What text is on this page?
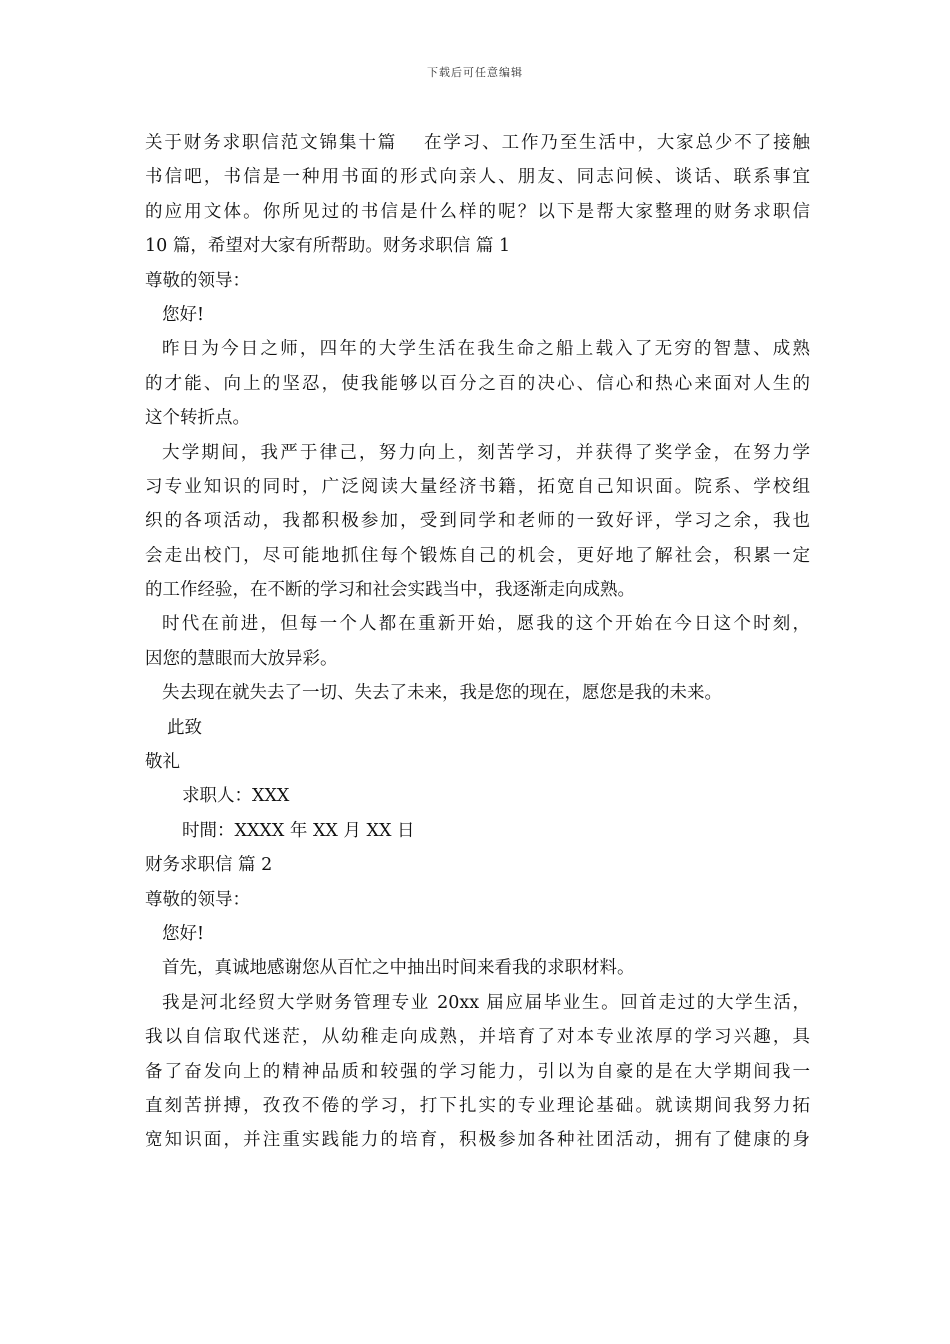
下载后可任意编辑
关于财务求职信范文锦集十篇　 在学习、工作乃至生活中，大家总少不了接触
书信吧，书信是一种用书面的形式向亲人、朋友、同志问候、谈话、联系事宜
的应用文体。你所见过的书信是什么样的呢？以下是帮大家整理的财务求职信
10 篇，希望对大家有所帮助。财务求职信 篇 1
尊敬的领导：
您好!
昨日为今日之师，四年的大学生活在我生命之船上载入了无穷的智慧、成熟
的才能、向上的坚忍，使我能够以百分之百的决心、信心和热心来面对人生的
这个转折点。
大学期间，我严于律己，努力向上，刻苦学习，并获得了奖学金，在努力学
习专业知识的同时，广泛阅读大量经济书籍，拓宽自己知识面。院系、学校组
织的各项活动，我都积极参加，受到同学和老师的一致好评，学习之余，我也
会走出校门，尽可能地抓住每个锻炼自己的机会，更好地了解社会，积累一定
的工作经验，在不断的学习和社会实践当中，我逐渐走向成熟。
时代在前进，但每一个人都在重新开始，愿我的这个开始在今日这个时刻，
因您的慧眼而大放异彩。
失去现在就失去了一切、失去了未来，我是您的现在，愿您是我的未来。
此致
敬礼
求职人：XXX
时間：XXXX 年 XX 月 XX 日
财务求职信 篇 2
尊敬的领导：
您好!
首先，真诚地感谢您从百忙之中抽出时间来看我的求职材料。
我是河北经贸大学财务管理专业 20xx 届应届毕业生。回首走过的大学生活，
我以自信取代迷茫，从幼稚走向成熟，并培育了对本专业浓厚的学习兴趣，具
备了奋发向上的精神品质和较强的学习能力，引以为自豪的是在大学期间我一
直刻苦拼搏，孜孜不倦的学习，打下扎实的专业理论基础。就读期间我努力拓
宽知识面，并注重实践能力的培育，积极参加各种社团活动，拥有了健康的身
